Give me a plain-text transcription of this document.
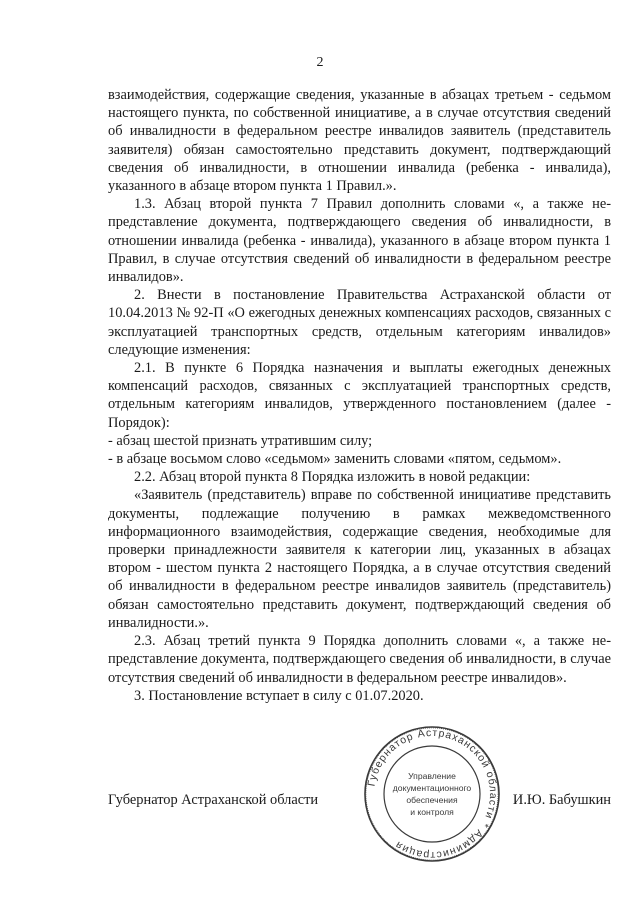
2

взаимодействия, содержащие сведения, указанные в абзацах третьем - седьмом настоящего пункта, по собственной инициативе, а в случае отсутствия сведений об инвалидности в федеральном реестре инвалидов заявитель (представитель заявителя) обязан самостоятельно представить документ, подтверждающий сведения об инвалидности, в отношении инвалида (ребенка - инвалида), указанного в абзаце втором пункта 1 Правил.».

1.3. Абзац второй пункта 7 Правил дополнить словами «, а также не-представление документа, подтверждающего сведения об инвалидности, в отношении инвалида (ребенка - инвалида), указанного в абзаце втором пункта 1 Правил, в случае отсутствия сведений об инвалидности в федеральном реестре инвалидов».

2. Внести в постановление Правительства Астраханской области от 10.04.2013 № 92-П «О ежегодных денежных компенсациях расходов, связанных с эксплуатацией транспортных средств, отдельным категориям инвалидов» следующие изменения:

2.1. В пункте 6 Порядка назначения и выплаты ежегодных денежных компенсаций расходов, связанных с эксплуатацией транспортных средств, отдельным категориям инвалидов, утвержденного постановлением (далее - Порядок):

- абзац шестой признать утратившим силу;

- в абзаце восьмом слово «седьмом» заменить словами «пятом, седьмом».

2.2. Абзац второй пункта 8 Порядка изложить в новой редакции:

«Заявитель (представитель) вправе по собственной инициативе представить документы, подлежащие получению в рамках межведомственного информационного взаимодействия, содержащие сведения, необходимые для проверки принадлежности заявителя к категории лиц, указанных в абзацах втором - шестом пункта 2 настоящего Порядка, а в случае отсутствия сведений об инвалидности в федеральном реестре инвалидов заявитель (представитель) обязан самостоятельно представить документ, подтверждающий сведения об инвалидности.».

2.3. Абзац третий пункта 9 Порядка дополнить словами «, а также не-представление документа, подтверждающего сведения об инвалидности, в случае отсутствия сведений об инвалидности в федеральном реестре инвалидов».

3. Постановление вступает в силу с 01.07.2020.

Губернатор Астраханской области	И.Ю. Бабушкин
Губернатор Астраханской области * Администрация
Управление
документационного
обеспечения
и контроля
